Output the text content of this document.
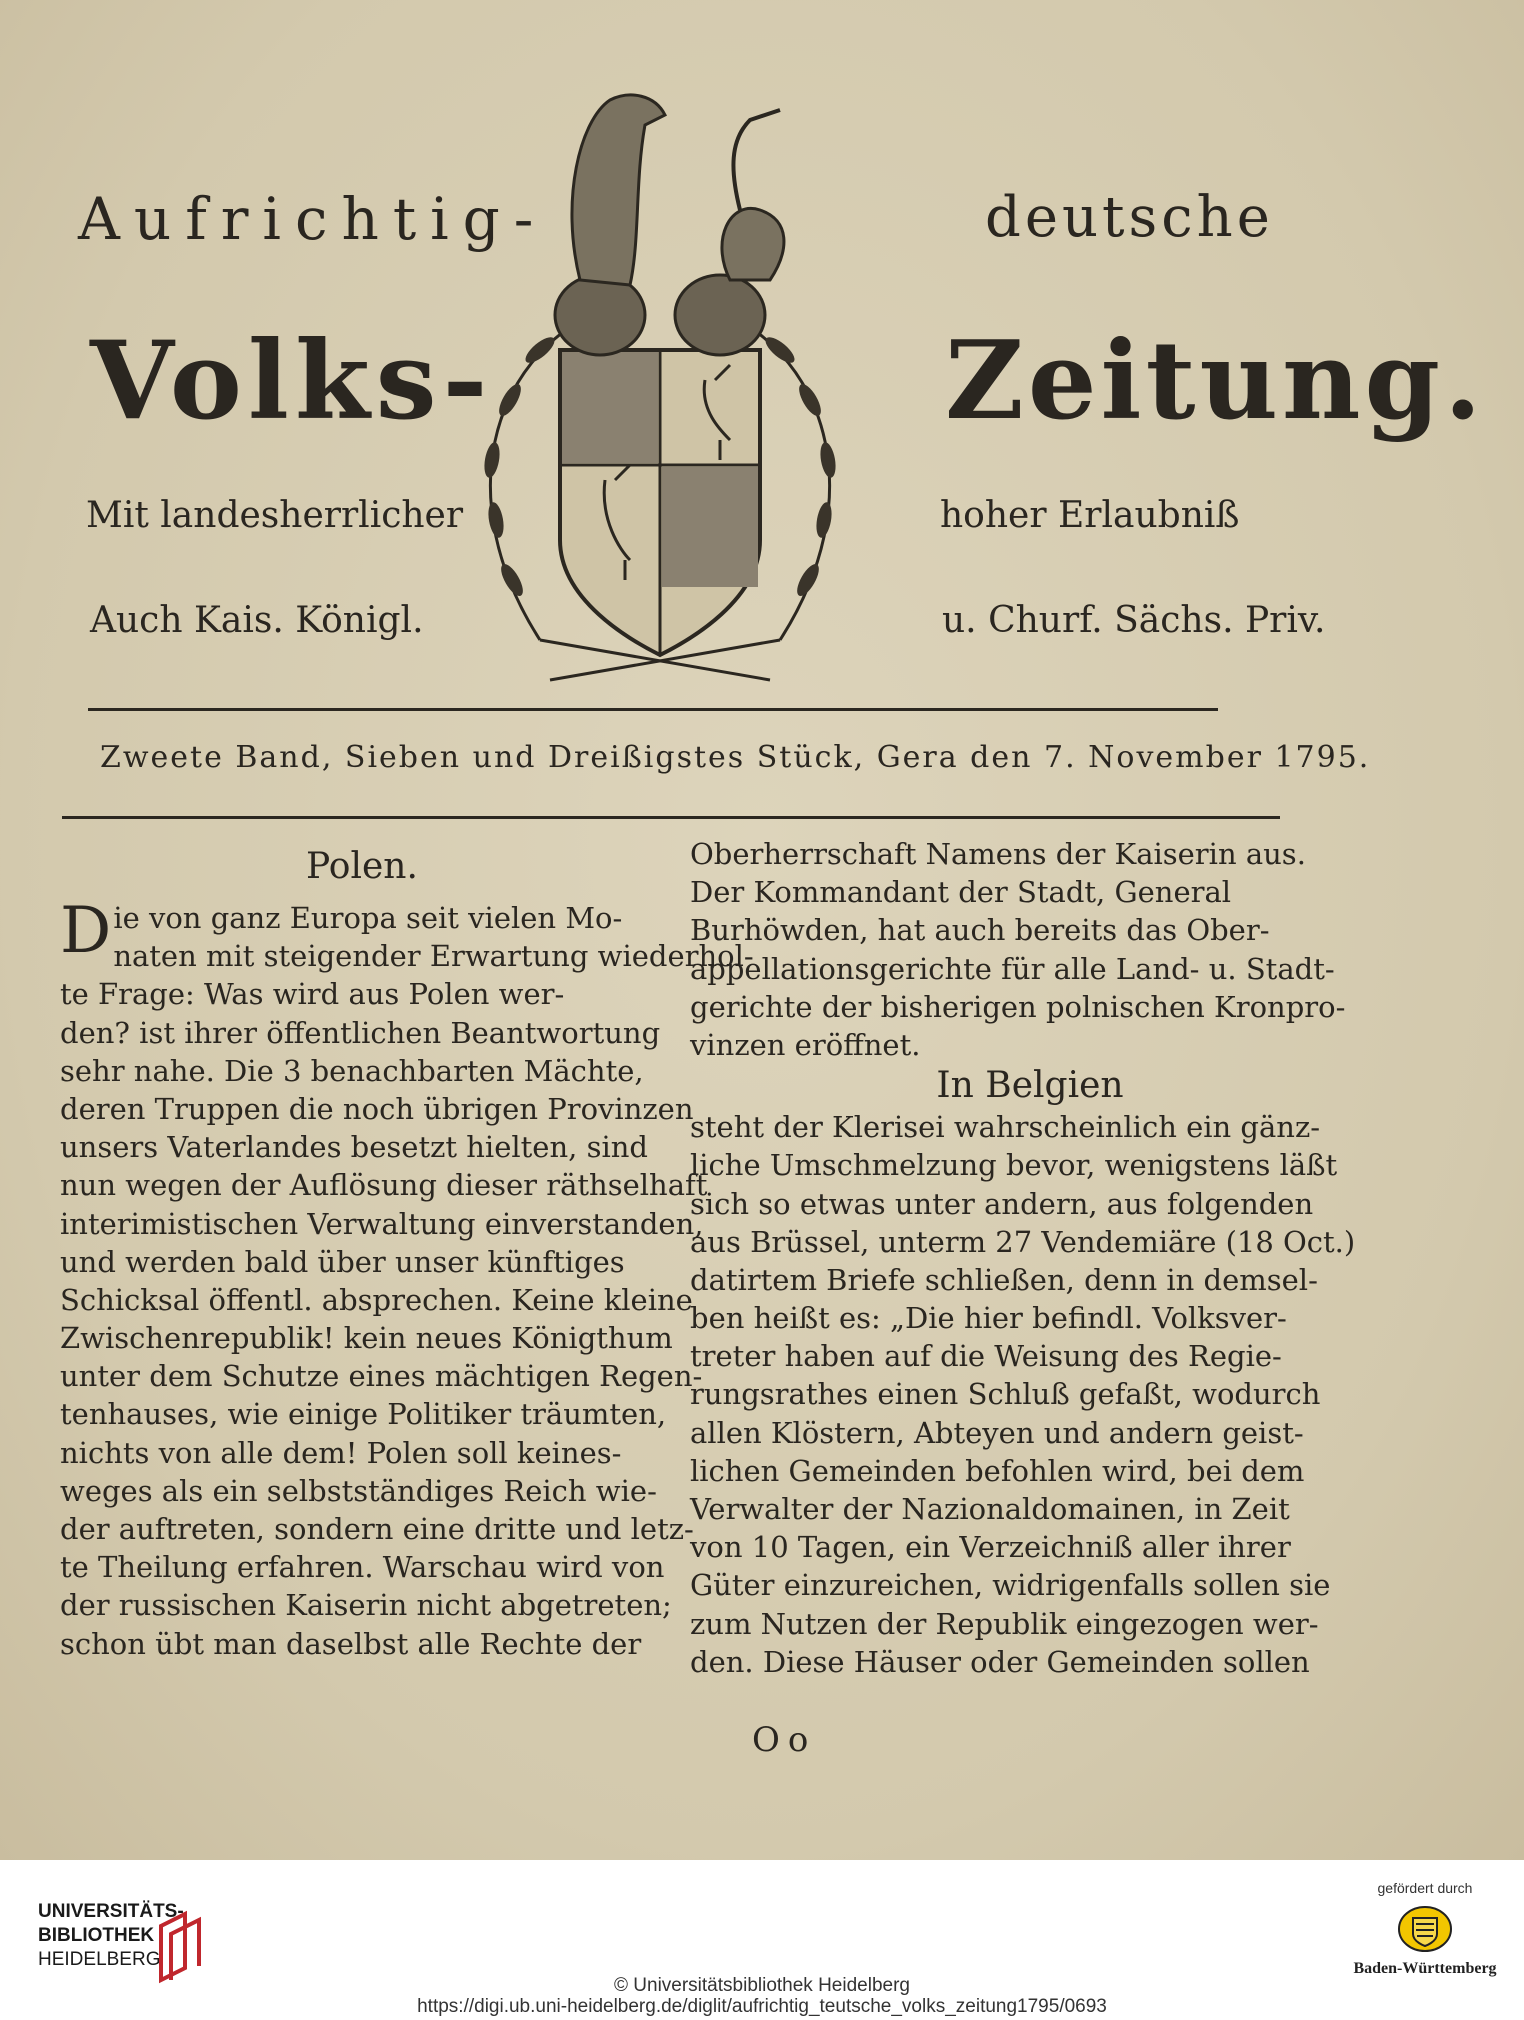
Aufrichtig-	deutsche
Volks-	Zeitung.
Mit landesherrlicher	hoher Erlaubniß
Auch Kais. Königl.	u. Churf. Sächs. Priv.
Zweete Band, Sieben und Dreißigstes Stück, Gera den 7. November 1795.
Polen.
D ie von ganz Europa seit vielen Mo-
naten mit steigender Erwartung wiederhol-
te Frage: Was wird aus Polen wer-
den? ist ihrer öffentlichen Beantwortung
sehr nahe. Die 3 benachbarten Mächte,
deren Truppen die noch übrigen Provinzen
unsers Vaterlandes besetzt hielten, sind
nun wegen der Auflösung dieser räthselhaft
interimistischen Verwaltung einverstanden,
und werden bald über unser künftiges
Schicksal öffentl. absprechen. Keine kleine
Zwischenrepublik! kein neues Königthum
unter dem Schutze eines mächtigen Regen-
tenhauses, wie einige Politiker träumten,
nichts von alle dem! Polen soll keines-
weges als ein selbstständiges Reich wie-
der auftreten, sondern eine dritte und letz-
te Theilung erfahren. Warschau wird von
der russischen Kaiserin nicht abgetreten;
schon übt man daselbst alle Rechte der
Oberherrschaft Namens der Kaiserin aus.
Der Kommandant der Stadt, General
Burhöwden, hat auch bereits das Ober-
appellationsgerichte für alle Land- u. Stadt-
gerichte der bisherigen polnischen Kronpro-
vinzen eröffnet.
In Belgien
steht der Klerisei wahrscheinlich ein gänz-
liche Umschmelzung bevor, wenigstens läßt
sich so etwas unter andern, aus folgenden
aus Brüssel, unterm 27 Vendemiäre (18 Oct.)
datirtem Briefe schließen, denn in demsel-
ben heißt es: „Die hier befindl. Volksver-
treter haben auf die Weisung des Regie-
rungsrathes einen Schluß gefaßt, wodurch
allen Klöstern, Abteyen und andern geist-
lichen Gemeinden befohlen wird, bei dem
Verwalter der Nazionaldomainen, in Zeit
von 10 Tagen, ein Verzeichniß aller ihrer
Güter einzureichen, widrigenfalls sollen sie
zum Nutzen der Republik eingezogen wer-
den. Diese Häuser oder Gemeinden sollen
Oo
UNIVERSITÄTS-
BIBLIOTHEK
HEIDELBERG
© Universitätsbibliothek Heidelberg
https://digi.ub.uni-heidelberg.de/diglit/aufrichtig_teutsche_volks_zeitung1795/0693
gefördert durch
Baden-Württemberg
